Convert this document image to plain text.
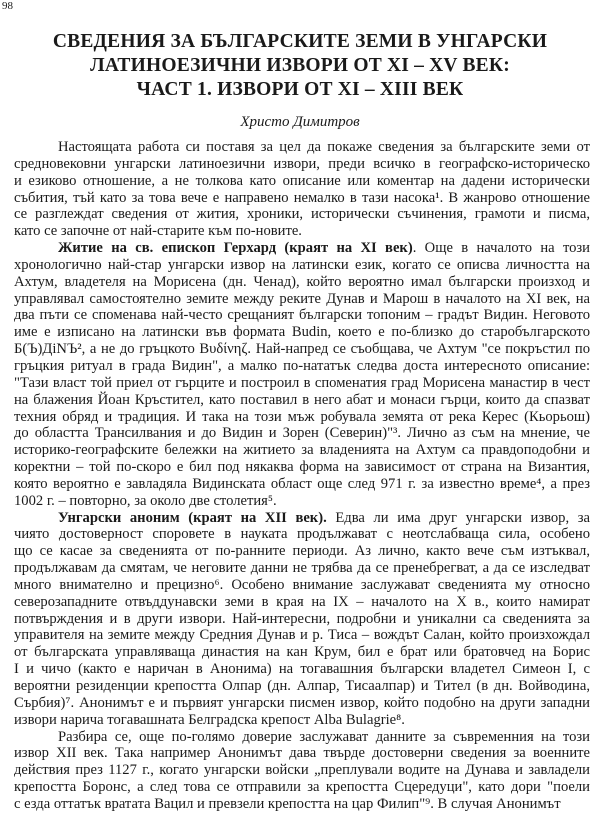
98
СВЕДЕНИЯ ЗА БЪЛГАРСКИТЕ ЗЕМИ В УНГАРСКИ
ЛАТИНОЕЗИЧНИ ИЗВОРИ ОТ XI – XV ВЕК:
ЧАСТ 1. ИЗВОРИ ОТ XI – XIII ВЕК
Христо Димитров
Настоящата работа си поставя за цел да покаже сведения за българските земи от
средновековни унгарски латиноезични извори, преди всичко в географско-историческо
и езиково отношение, а не толкова като описание или коментар на дадени исторически
събития, тъй като за това вече е направено немалко в тази насока¹. В жанрово отношение
се разглеждат сведения от жития, хроники, исторически съчинения, грамоти и писма,
като се започне от най-старите към по-новите.
Житие на св. епископ Герхард (краят на XI век). Още в началото на този
хронологично най-стар унгарски извор на латински език, когато се описва личността на
Ахтум, владетеля на Морисена (дн. Ченад), който вероятно имал български произход и
управлявал самостоятелно земите между реките Дунав и Марош в началото на XI век, на
два пъти се споменава най-често срещаният български топоним – градът Видин. Неговото
име е изписано на латински във формата Budin, което е по-близко до старобългарското
Б(Ъ)ДiNЪ², а не до гръцкото Βυδίνηζ. Най-напред се съобщава, че Ахтум "се покръстил по
гръцкия ритуал в града Видин", а малко по-нататък следва доста интересното описание:
"Тази власт той приел от гърците и построил в споменатия град Морисена манастир в чест
на блажения Йоан Кръстител, като поставил в него абат и монаси гърци, които да спазват
техния обряд и традиция. И така на този мъж робувала земята от река Керес (Кьорьош)
до областта Трансилвания и до Видин и Зорен (Северин)"³. Лично аз съм на мнение, че
историко-географските бележки на житието за владенията на Ахтум са правдоподобни и
коректни – той по-скоро е бил под някаква форма на зависимост от страна на Византия,
която вероятно е завладяла Видинската област още след 971 г. за известно време⁴, а през
1002 г. – повторно, за около две столетия⁵.
Унгарски аноним (краят на XII век). Едва ли има друг унгарски извор, за
чиято достоверност споровете в науката продължават с неотслабваща сила, особено
що се касае за сведенията от по-ранните периоди. Аз лично, както вече съм изтъквал,
продължавам да смятам, че неговите данни не трябва да се пренебрегват, а да се изследват
много внимателно и прецизно⁶. Особено внимание заслужават сведенията му относно
северозападните отвъддунавски земи в края на IX – началото на X в., които намират
потвърждения и в други извори. Най-интересни, подробни и уникални са сведенията за
управителя на земите между Средния Дунав и р. Тиса – вождът Салан, който произхождал
от българската управляваща династия на кан Крум, бил е брат или братовчед на Борис
I и чичо (както е наричан в Анонима) на тогавашния български владетел Симеон I, с
вероятни резиденции крепостта Олпар (дн. Алпар, Тисаалпар) и Тител (в дн. Войводина,
Сърбия)⁷. Анонимът е и първият унгарски писмен извор, който подобно на други западни
извори нарича тогавашната Белградска крепост Alba Bulagrie⁸.
Разбира се, още по-голямо доверие заслужават данните за съвременния на този
извор XII век. Така например Анонимът дава твърде достоверни сведения за военните
действия през 1127 г., когато унгарски войски „преплували водите на Дунава и завладели
крепостта Боронс, а след това се отправили за крепостта Сцередуци", като дори "поели
с езда оттатък вратата Вацил и превзели крепостта на цар Филип"⁹. В случая Анонимът
